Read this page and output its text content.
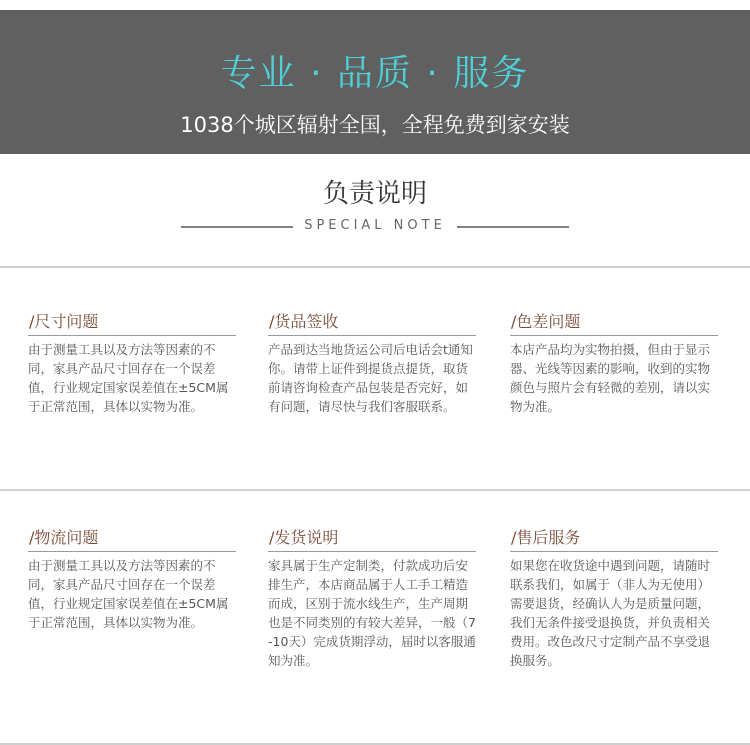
专业 · 品质 · 服务
1038个城区辐射全国，全程免费到家安装
负责说明
SPECIAL NOTE
/尺寸问题
由于测量工具以及方法等因素的不同，家具产品尺寸回存在一个误差值，行业规定国家误差值在±5CM属于正常范围，具体以实物为准。
/货品签收
产品到达当地货运公司后电话会t通知你。请带上证件到提货点提货，取货前请咨询检查产品包装是否完好，如有问题，请尽快与我们客服联系。
/色差问题
本店产品均为实物拍摄，但由于显示器、光线等因素的影响，收到的实物颜色与照片会有轻微的差别，请以实物为准。
/物流问题
由于测量工具以及方法等因素的不同，家具产品尺寸回存在一个误差值，行业规定国家误差值在±5CM属于正常范围，具体以实物为准。
/发货说明
家具属于生产定制类，付款成功后安排生产，本店商品属于人工手工精造而成，区别于流水线生产，生产周期也是不同类别的有较大差异，一般（7-10天）完成货期浮动，届时以客服通知为准。
/售后服务
如果您在收货途中遇到问题，请随时联系我们，如属于（非人为无使用）需要退货，经确认人为是质量问题，我们无条件接受退换货，并负责相关费用。改色改尺寸定制产品不享受退换服务。
